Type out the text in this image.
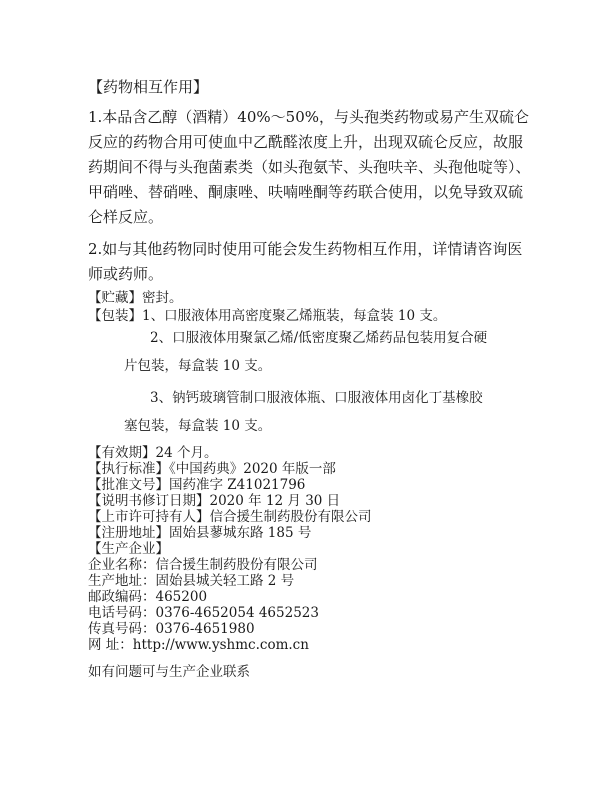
【药物相互作用】
1.本品含乙醇（酒精）40%～50%，与头孢类药物或易产生双硫仑
反应的药物合用可使血中乙酰醛浓度上升，出现双硫仑反应，故服
药期间不得与头孢菌素类（如头孢氨苄、头孢呋辛、头孢他啶等）、
甲硝唑、替硝唑、酮康唑、呋喃唑酮等药联合使用，以免导致双硫
仑样反应。
2.如与其他药物同时使用可能会发生药物相互作用，详情请咨询医
师或药师。
【贮藏】密封。
【包装】1、口服液体用高密度聚乙烯瓶装，每盒装 10 支。
2、口服液体用聚氯乙烯/低密度聚乙烯药品包装用复合硬
片包装，每盒装 10 支。
3、钠钙玻璃管制口服液体瓶、口服液体用卤化丁基橡胶
塞包装，每盒装 10 支。
【有效期】24 个月。
【执行标准】《中国药典》2020 年版一部
【批准文号】国药准字 Z41021796
【说明书修订日期】2020 年 12 月 30 日
【上市许可持有人】信合援生制药股份有限公司
【注册地址】固始县蓼城东路 185 号
【生产企业】
企业名称：信合援生制药股份有限公司
生产地址：固始县城关轻工路 2 号
邮政编码：465200
电话号码：0376-4652054 4652523
传真号码：0376-4651980
网 址：http://www.yshmc.com.cn
如有问题可与生产企业联系
